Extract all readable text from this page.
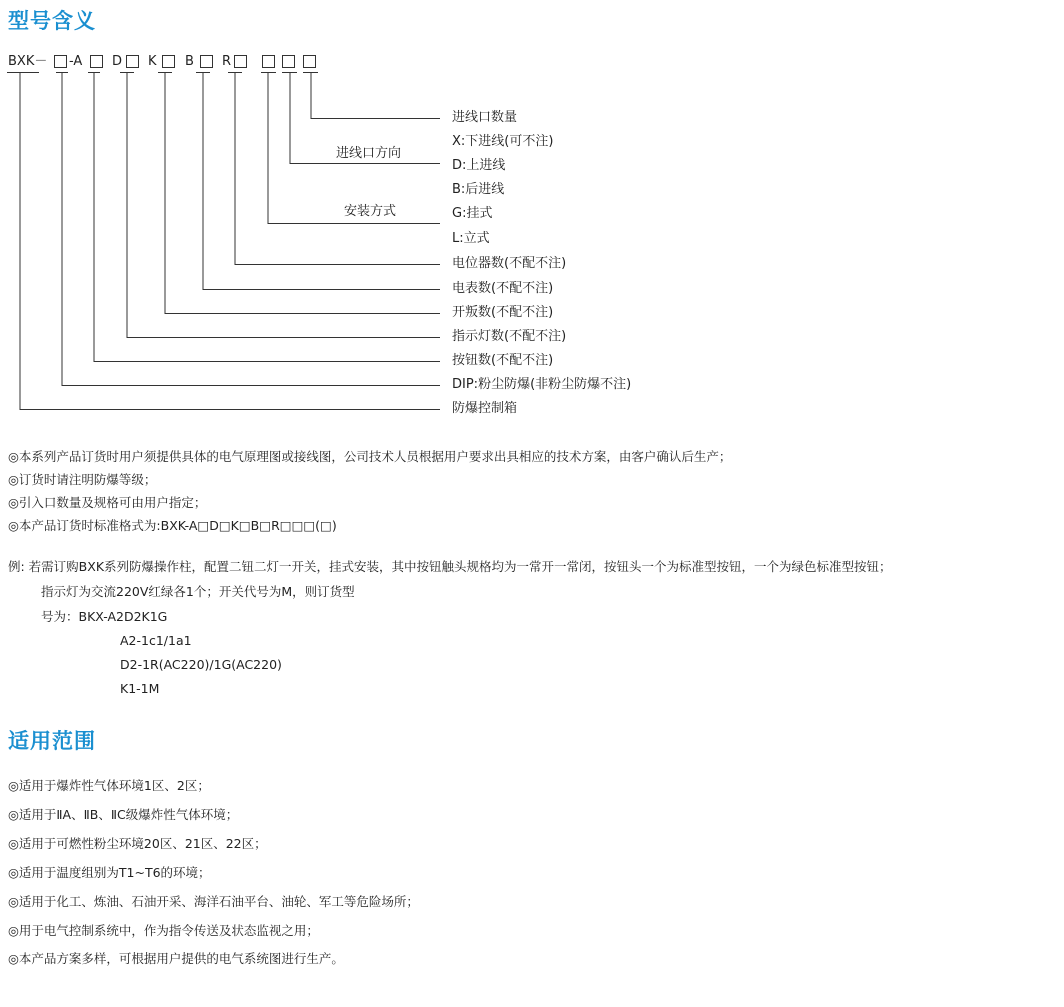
型号含义
BXK－ -A D K B R
进线口数量
X:下进线(可不注)
进线口方向
D:上进线
B:后进线
安装方式	G:挂式
L:立式
电位器数(不配不注)
电表数(不配不注)
开叛数(不配不注)
指示灯数(不配不注)
按钮数(不配不注)
DIP:粉尘防爆(非粉尘防爆不注)
防爆控制箱
◎本系列产品订货时用户须提供具体的电气原理图或接线图，公司技术人员根据用户要求出具相应的技术方案，由客户确认后生产；
◎订货时请注明防爆等级；
◎引入口数量及规格可由用户指定；
◎本产品订货时标准格式为:BXK-A□D□K□B□R□□□(□)
例: 若需订购BXK系列防爆操作柱，配置二钮二灯一开关，挂式安装，其中按钮触头规格均为一常开一常闭，按钮头一个为标准型按钮，一个为绿色标准型按钮；
指示灯为交流220V红绿各1个；开关代号为M，则订货型
号为：BKX-A2D2K1G
A2-1c1/1a1
D2-1R(AC220)/1G(AC220)
K1-1M
适用范围
◎适用于爆炸性气体环境1区、2区；
◎适用于ⅡA、ⅡB、ⅡC级爆炸性气体环境；
◎适用于可燃性粉尘环境20区、21区、22区；
◎适用于温度组别为T1~T6的环境；
◎适用于化工、炼油、石油开采、海洋石油平台、油轮、军工等危险场所；
◎用于电气控制系统中，作为指令传送及状态监视之用；
◎本产品方案多样，可根据用户提供的电气系统图进行生产。
